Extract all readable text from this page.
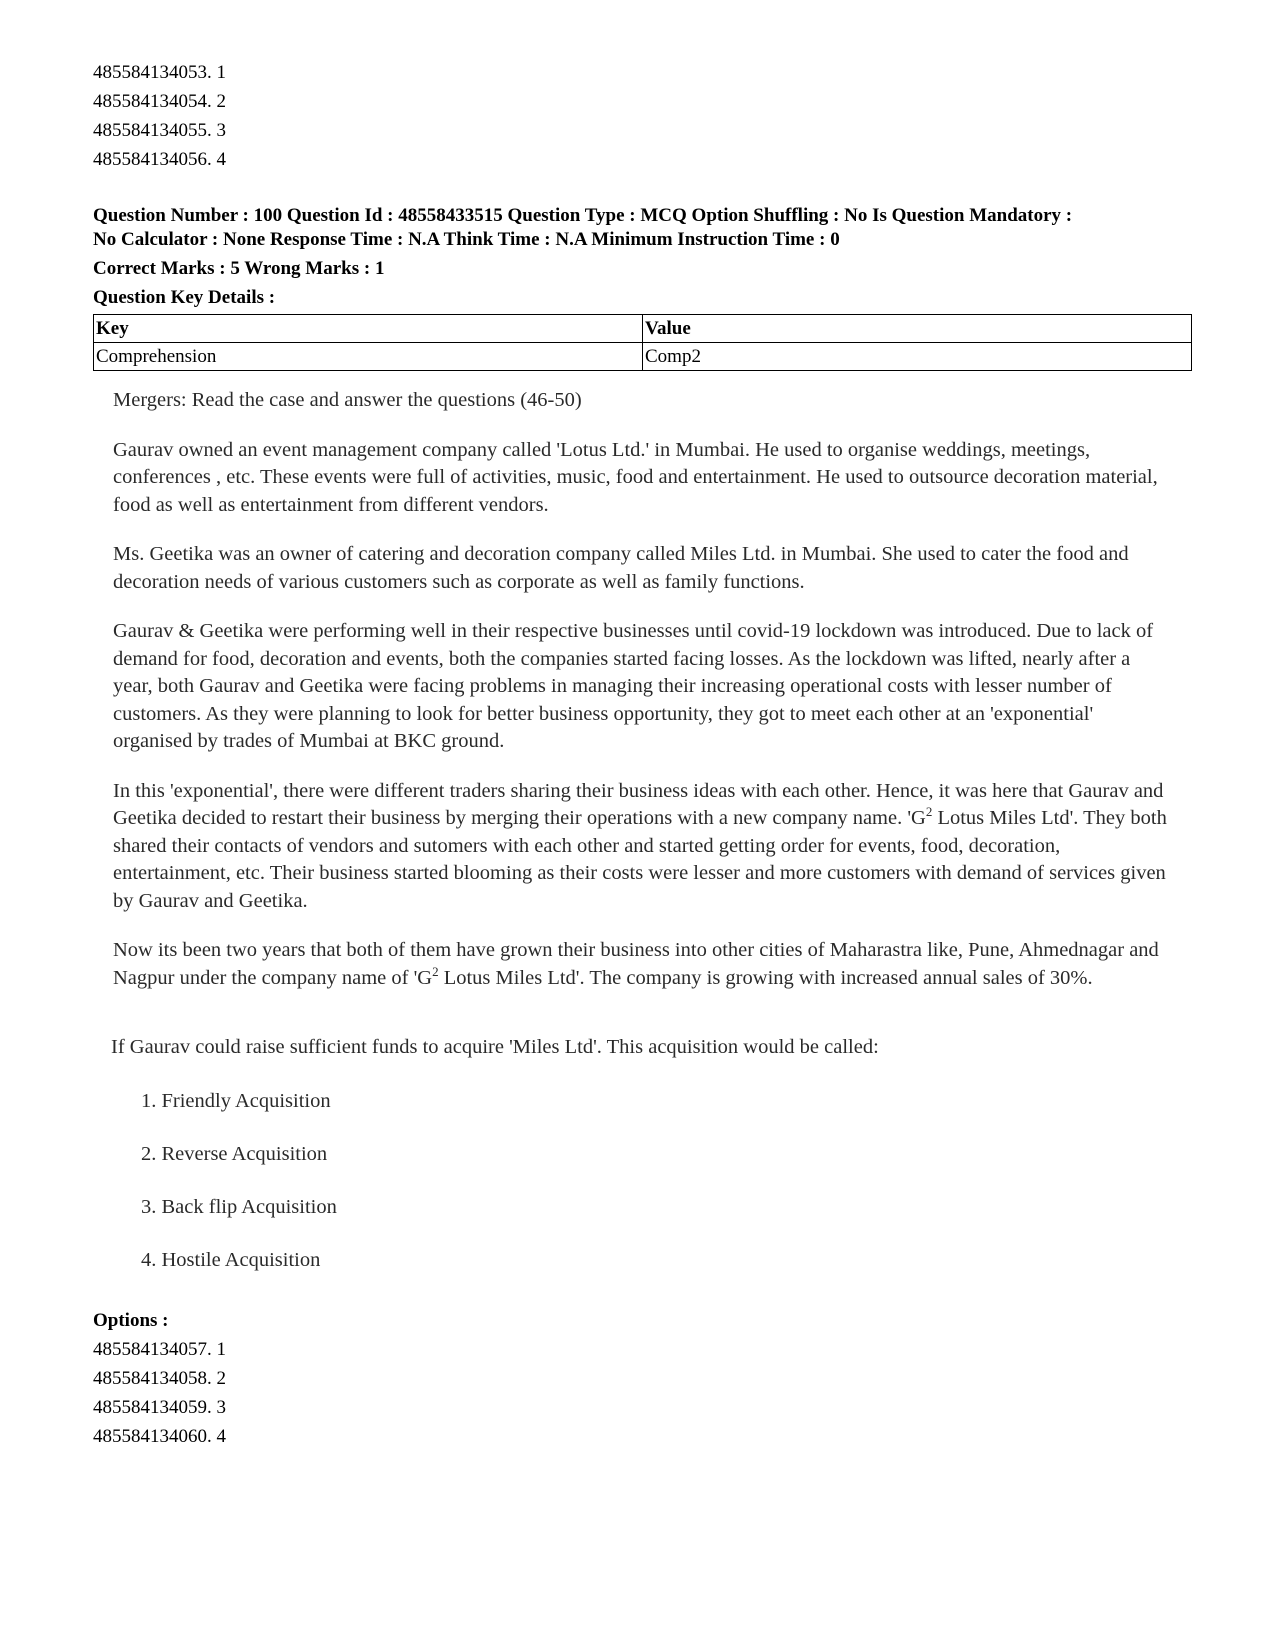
485584134053. 1
485584134054. 2
485584134055. 3
485584134056. 4
Question Number : 100 Question Id : 48558433515 Question Type : MCQ Option Shuffling : No Is Question Mandatory :
No Calculator : None Response Time : N.A Think Time : N.A Minimum Instruction Time : 0
Correct Marks : 5 Wrong Marks : 1
Question Key Details :
Key	Value
Comprehension	Comp2

Mergers: Read the case and answer the questions (46-50)

Gaurav owned an event management company called 'Lotus Ltd.' in Mumbai. He used to organise weddings, meetings, conferences , etc. These events were full of activities, music, food and entertainment. He used to outsource decoration material, food as well as entertainment from different vendors.

Ms. Geetika was an owner of catering and decoration company called Miles Ltd. in Mumbai. She used to cater the food and decoration needs of various customers such as corporate as well as family functions.

Gaurav & Geetika were performing well in their respective businesses until covid-19 lockdown was introduced. Due to lack of demand for food, decoration and events, both the companies started facing losses. As the lockdown was lifted, nearly after a year, both Gaurav and Geetika were facing problems in managing their increasing operational costs with lesser number of customers. As they were planning to look for better business opportunity, they got to meet each other at an 'exponential' organised by trades of Mumbai at BKC ground.

In this 'exponential', there were different traders sharing their business ideas with each other. Hence, it was here that Gaurav and Geetika decided to restart their business by merging their operations with a new company name. '$G^2$ Lotus Miles Ltd'. They both shared their contacts of vendors and sutomers with each other and started getting order for events, food, decoration, entertainment, etc. Their business started blooming as their costs were lesser and more customers with demand of services given by Gaurav and Geetika.

Now its been two years that both of them have grown their business into other cities of Maharastra like, Pune, Ahmednagar and Nagpur under the company name of '$G^2$ Lotus Miles Ltd'. The company is growing with increased annual sales of 30%.

If Gaurav could raise sufficient funds to acquire 'Miles Ltd'. This acquisition would be called:
1. Friendly Acquisition
2. Reverse Acquisition
3. Back flip Acquisition
4. Hostile Acquisition
Options :
485584134057. 1
485584134058. 2
485584134059. 3
485584134060. 4
